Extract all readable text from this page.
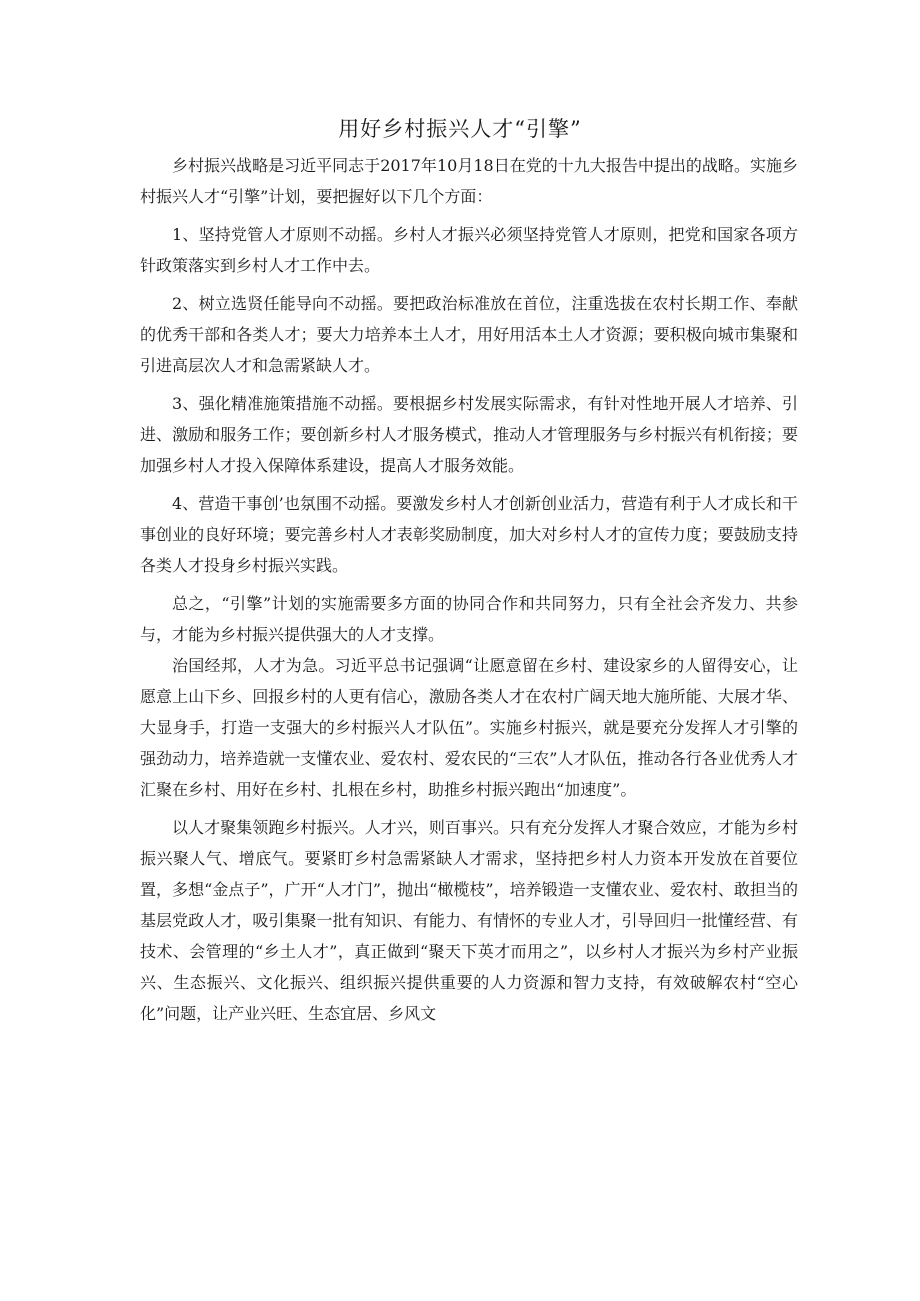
用好乡村振兴人才“引擎”

乡村振兴战略是习近平同志于2017年10月18日在党的十九大报告中提出的战略。实施乡村振兴人才“引擎”计划，要把握好以下几个方面：

1、坚持党管人才原则不动摇。乡村人才振兴必须坚持党管人才原则，把党和国家各项方针政策落实到乡村人才工作中去。

2、树立选贤任能导向不动摇。要把政治标准放在首位，注重选拔在农村长期工作、奉献的优秀干部和各类人才；要大力培养本土人才，用好用活本土人才资源；要积极向城市集聚和引进高层次人才和急需紧缺人才。

3、强化精准施策措施不动摇。要根据乡村发展实际需求，有针对性地开展人才培养、引进、激励和服务工作；要创新乡村人才服务模式，推动人才管理服务与乡村振兴有机衔接；要加强乡村人才投入保障体系建设，提高人才服务效能。

4、营造干事创’也氛围不动摇。要激发乡村人才创新创业活力，营造有利于人才成长和干事创业的良好环境；要完善乡村人才表彰奖励制度，加大对乡村人才的宣传力度；要鼓励支持各类人才投身乡村振兴实践。

总之，“引擎”计划的实施需要多方面的协同合作和共同努力，只有全社会齐发力、共参与，才能为乡村振兴提供强大的人才支撑。

治国经邦，人才为急。习近平总书记强调“让愿意留在乡村、建设家乡的人留得安心，让愿意上山下乡、回报乡村的人更有信心，激励各类人才在农村广阔天地大施所能、大展才华、大显身手，打造一支强大的乡村振兴人才队伍”。实施乡村振兴，就是要充分发挥人才引擎的强劲动力，培养造就一支懂农业、爱农村、爱农民的“三农”人才队伍，推动各行各业优秀人才汇聚在乡村、用好在乡村、扎根在乡村，助推乡村振兴跑出“加速度”。

以人才聚集领跑乡村振兴。人才兴，则百事兴。只有充分发挥人才聚合效应，才能为乡村振兴聚人气、增底气。要紧盯乡村急需紧缺人才需求，坚持把乡村人力资本开发放在首要位置，多想“金点子”，广开“人才门”，抛出“橄榄枝”，培养锻造一支懂农业、爱农村、敢担当的基层党政人才，吸引集聚一批有知识、有能力、有情怀的专业人才，引导回归一批懂经营、有技术、会管理的“乡土人才”，真正做到“聚天下英才而用之”，以乡村人才振兴为乡村产业振兴、生态振兴、文化振兴、组织振兴提供重要的人力资源和智力支持，有效破解农村“空心化”问题，让产业兴旺、生态宜居、乡风文
